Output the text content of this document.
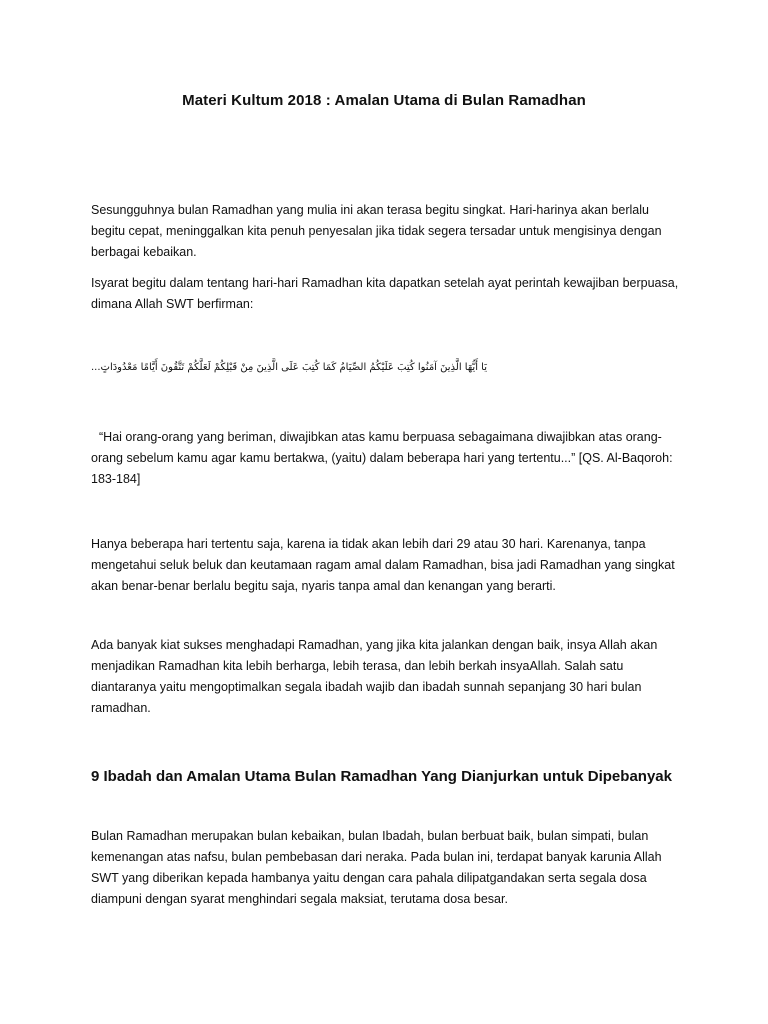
Materi Kultum 2018 : Amalan Utama di Bulan Ramadhan

Sesungguhnya bulan Ramadhan yang mulia ini akan terasa begitu singkat. Hari-harinya akan berlalu begitu cepat, meninggalkan kita penuh penyesalan jika tidak segera tersadar untuk mengisinya dengan berbagai kebaikan.

Isyarat begitu dalam tentang hari-hari Ramadhan kita dapatkan setelah ayat perintah kewajiban berpuasa, dimana Allah SWT berfirman:

يَا أَيُّهَا الَّذِينَ آمَنُوا كُتِبَ عَلَيْكُمُ الصِّيَامُ كَمَا كُتِبَ عَلَى الَّذِينَ مِنْ قَبْلِكُمْ لَعَلَّكُمْ تَتَّقُونَ أَيَّامًا مَعْدُودَاتٍ...

“Hai orang-orang yang beriman, diwajibkan atas kamu berpuasa sebagaimana diwajibkan atas orang-orang sebelum kamu agar kamu bertakwa, (yaitu) dalam beberapa hari yang tertentu...” [QS. Al-Baqoroh: 183-184]

Hanya beberapa hari tertentu saja, karena ia tidak akan lebih dari 29 atau 30 hari. Karenanya, tanpa mengetahui seluk beluk dan keutamaan ragam amal dalam Ramadhan, bisa jadi Ramadhan yang singkat akan benar-benar berlalu begitu saja, nyaris tanpa amal dan kenangan yang berarti.

Ada banyak kiat sukses menghadapi Ramadhan, yang jika kita jalankan dengan baik, insya Allah akan menjadikan Ramadhan kita lebih berharga, lebih terasa, dan lebih berkah insyaAllah. Salah satu diantaranya yaitu mengoptimalkan segala ibadah wajib dan ibadah sunnah sepanjang 30 hari bulan ramadhan.

9 Ibadah dan Amalan Utama Bulan Ramadhan Yang Dianjurkan untuk Dipebanyak

Bulan Ramadhan merupakan bulan kebaikan, bulan Ibadah, bulan berbuat baik, bulan simpati, bulan kemenangan atas nafsu, bulan pembebasan dari neraka. Pada bulan ini, terdapat banyak karunia Allah SWT yang diberikan kepada hambanya yaitu dengan cara pahala dilipatgandakan serta segala dosa diampuni dengan syarat menghindari segala maksiat, terutama dosa besar.
